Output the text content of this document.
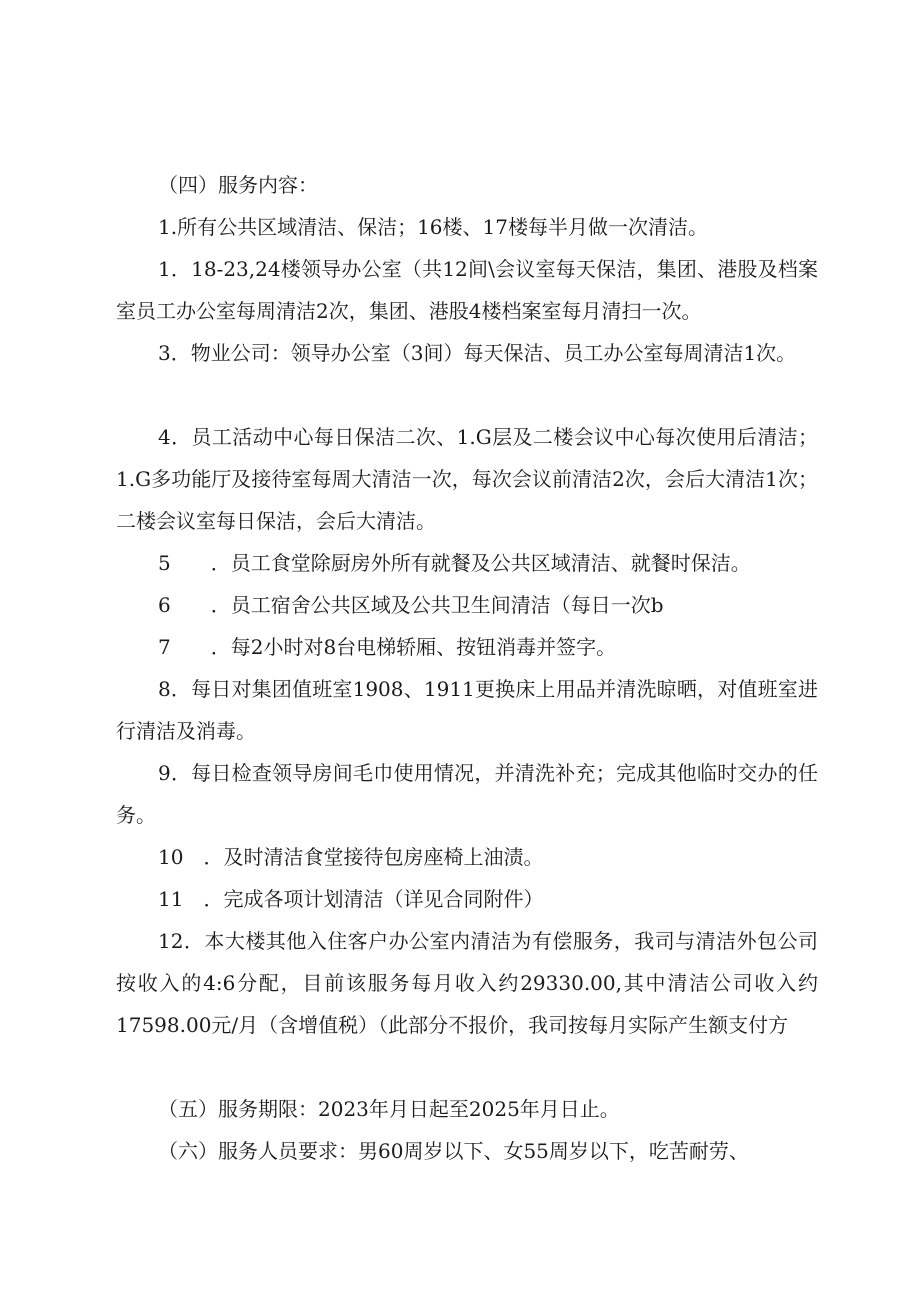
（四）服务内容：

1.所有公共区域清洁、保洁；16楼、17楼每半月做一次清洁。

1．18-23,24楼领导办公室（共12间\会议室每天保洁，集团、港股及档案室员工办公室每周清洁2次，集团、港股4楼档案室每月清扫一次。

3．物业公司：领导办公室（3间）每天保洁、员工办公室每周清洁1次。

4．员工活动中心每日保洁二次、1.G层及二楼会议中心每次使用后清洁；1.G多功能厅及接待室每周大清洁一次，每次会议前清洁2次，会后大清洁1次；二楼会议室每日保洁，会后大清洁。

5　　．员工食堂除厨房外所有就餐及公共区域清洁、就餐时保洁。

6　　．员工宿舍公共区域及公共卫生间清洁（每日一次b

7　　．每2小时对8台电梯轿厢、按钮消毒并签字。

8．每日对集团值班室1908、1911更换床上用品并清洗晾晒，对值班室进行清洁及消毒。

9．每日检查领导房间毛巾使用情况，并清洗补充；完成其他临时交办的任务。

10　．及时清洁食堂接待包房座椅上油渍。

11　．完成各项计划清洁（详见合同附件）

12．本大楼其他入住客户办公室内清洁为有偿服务，我司与清洁外包公司按收入的4:6分配，目前该服务每月收入约29330.00,其中清洁公司收入约17598.00元/月（含增值税）（此部分不报价，我司按每月实际产生额支付方

（五）服务期限：2023年月日起至2025年月日止。

（六）服务人员要求：男60周岁以下、女55周岁以下，吃苦耐劳、
